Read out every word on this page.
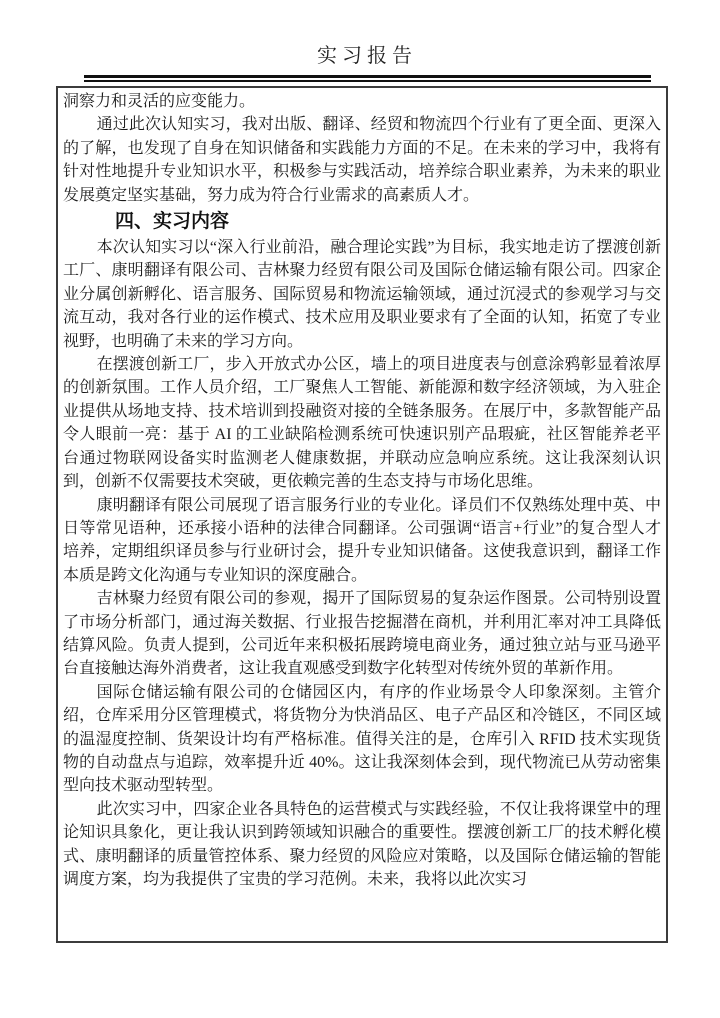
实习报告

洞察力和灵活的应变能力。

通过此次认知实习，我对出版、翻译、经贸和物流四个行业有了更全面、更深入的了解，也发现了自身在知识储备和实践能力方面的不足。在未来的学习中，我将有针对性地提升专业知识水平，积极参与实践活动，培养综合职业素养，为未来的职业发展奠定坚实基础，努力成为符合行业需求的高素质人才。

四、实习内容

本次认知实习以“深入行业前沿，融合理论实践”为目标，我实地走访了摆渡创新工厂、康明翻译有限公司、吉林聚力经贸有限公司及国际仓储运输有限公司。四家企业分属创新孵化、语言服务、国际贸易和物流运输领域，通过沉浸式的参观学习与交流互动，我对各行业的运作模式、技术应用及职业要求有了全面的认知，拓宽了专业视野，也明确了未来的学习方向。

在摆渡创新工厂，步入开放式办公区，墙上的项目进度表与创意涂鸦彰显着浓厚的创新氛围。工作人员介绍，工厂聚焦人工智能、新能源和数字经济领域，为入驻企业提供从场地支持、技术培训到投融资对接的全链条服务。在展厅中，多款智能产品令人眼前一亮：基于 AI 的工业缺陷检测系统可快速识别产品瑕疵，社区智能养老平台通过物联网设备实时监测老人健康数据，并联动应急响应系统。这让我深刻认识到，创新不仅需要技术突破，更依赖完善的生态支持与市场化思维。

康明翻译有限公司展现了语言服务行业的专业化。译员们不仅熟练处理中英、中日等常见语种，还承接小语种的法律合同翻译。公司强调“语言+行业”的复合型人才培养，定期组织译员参与行业研讨会，提升专业知识储备。这使我意识到，翻译工作本质是跨文化沟通与专业知识的深度融合。

吉林聚力经贸有限公司的参观，揭开了国际贸易的复杂运作图景。公司特别设置了市场分析部门，通过海关数据、行业报告挖掘潜在商机，并利用汇率对冲工具降低结算风险。负责人提到，公司近年来积极拓展跨境电商业务，通过独立站与亚马逊平台直接触达海外消费者，这让我直观感受到数字化转型对传统外贸的革新作用。

国际仓储运输有限公司的仓储园区内，有序的作业场景令人印象深刻。主管介绍，仓库采用分区管理模式，将货物分为快消品区、电子产品区和冷链区，不同区域的温湿度控制、货架设计均有严格标准。值得关注的是，仓库引入 RFID 技术实现货物的自动盘点与追踪，效率提升近 40%。这让我深刻体会到，现代物流已从劳动密集型向技术驱动型转型。

此次实习中，四家企业各具特色的运营模式与实践经验，不仅让我将课堂中的理论知识具象化，更让我认识到跨领域知识融合的重要性。摆渡创新工厂的技术孵化模式、康明翻译的质量管控体系、聚力经贸的风险应对策略，以及国际仓储运输的智能调度方案，均为我提供了宝贵的学习范例。未来，我将以此次实习
